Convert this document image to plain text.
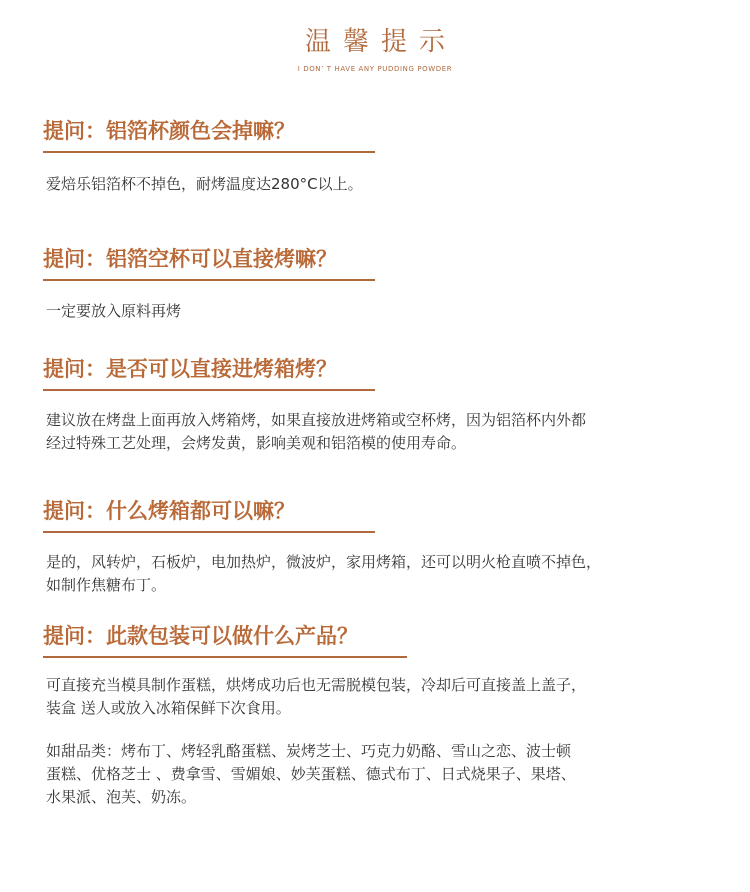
温馨提示
I DON’ T HAVE ANY PUDDING POWDER
提问：铝箔杯颜色会掉嘛？
爱焙乐铝箔杯不掉色，耐烤温度达280°C以上。
提问：铝箔空杯可以直接烤嘛？
一定要放入原料再烤
提问：是否可以直接进烤箱烤？
建议放在烤盘上面再放入烤箱烤，如果直接放进烤箱或空杯烤，因为铝箔杯内外都
经过特殊工艺处理，会烤发黄，影响美观和铝箔模的使用寿命。
提问：什么烤箱都可以嘛？
是的，风转炉，石板炉，电加热炉，微波炉，家用烤箱，还可以明火枪直喷不掉色，
如制作焦糖布丁。
提问：此款包装可以做什么产品？
可直接充当模具制作蛋糕，烘烤成功后也无需脱模包装，冷却后可直接盖上盖子，
装盒 送人或放入冰箱保鲜下次食用。
如甜品类：烤布丁、烤轻乳酪蛋糕、炭烤芝士、巧克力奶酪、雪山之恋、波士顿
蛋糕、优格芝士 、费拿雪、雪媚娘、妙芙蛋糕、德式布丁、日式烧果子、果塔、
水果派、泡芙、奶冻。
